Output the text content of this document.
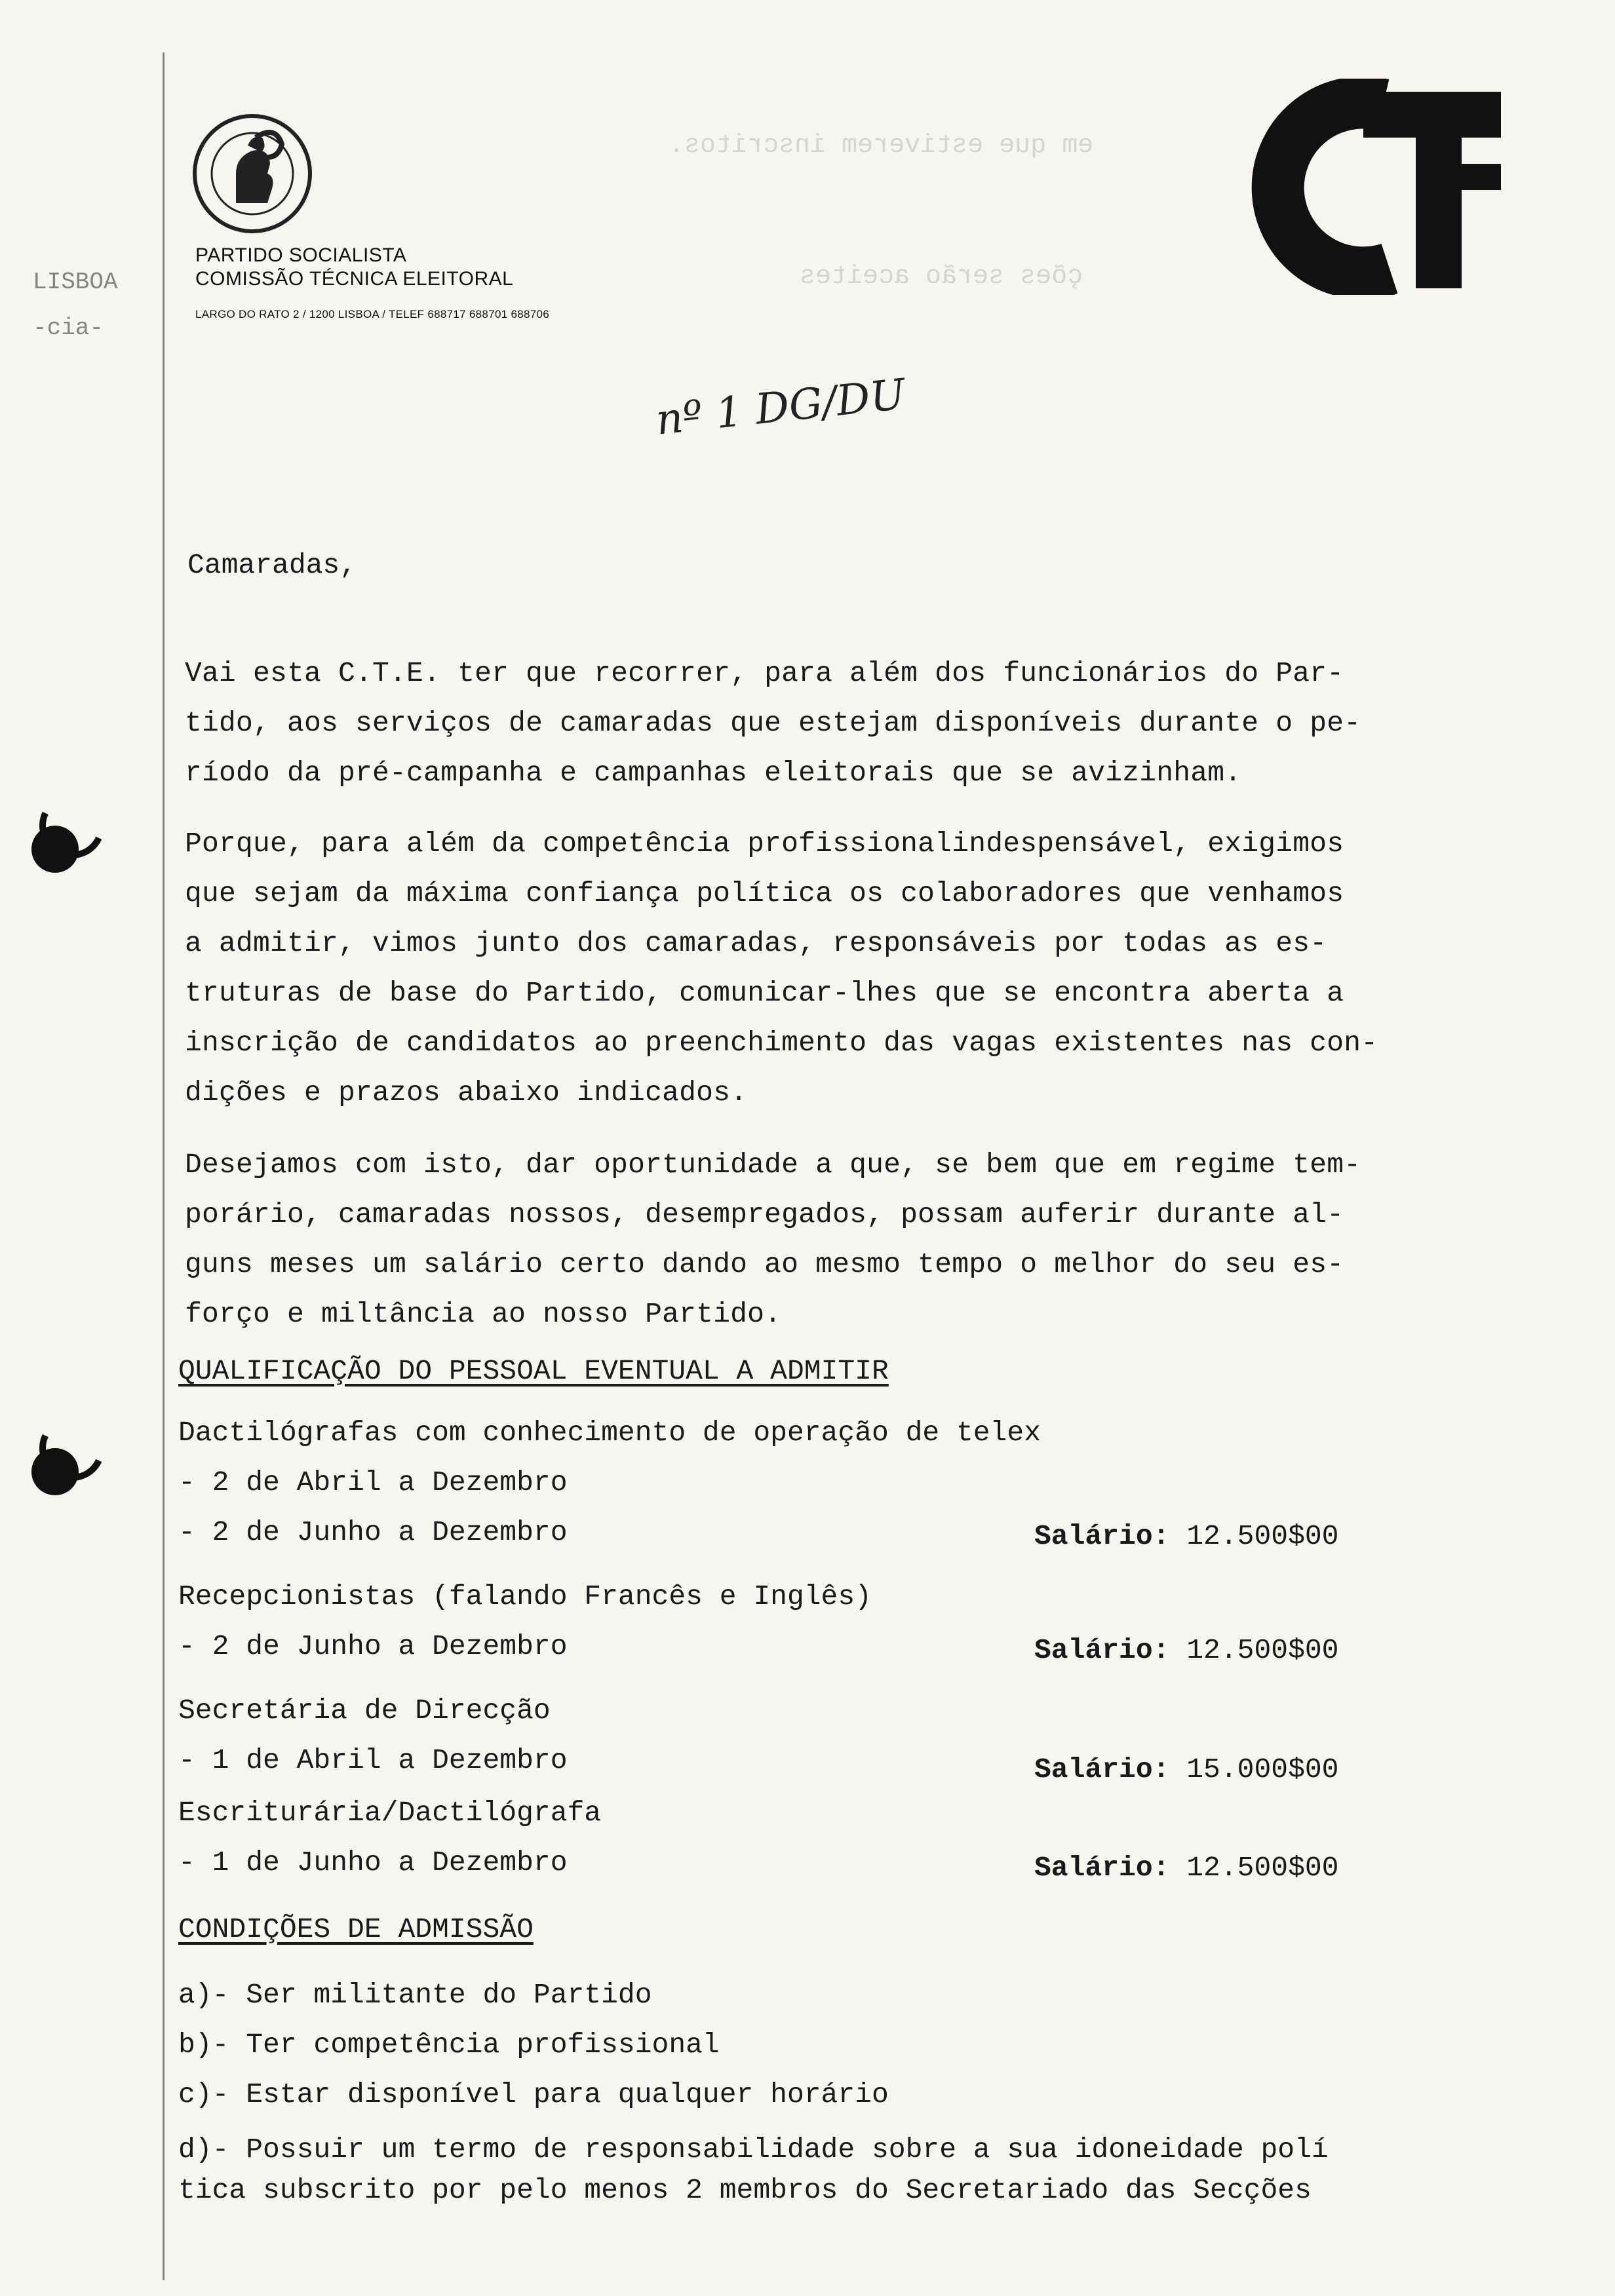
LISBOA
-cia-
PARTIDO SOCIALISTA
COMISSÃO TÉCNICA ELEITORAL
LARGO DO RATO 2 / 1200 LISBOA / TELEF 688717 688701 688706
nº 1 DG/DU
em que estiverem inscritos.
ções serão aceites
Camaradas,
Vai esta C.T.E. ter que recorrer, para além dos funcionários do Par-
tido, aos serviços de camaradas que estejam disponíveis durante o pe-
ríodo da pré-campanha e campanhas eleitorais que se avizinham.
Porque, para além da competência profissionalindespensável, exigimos
que sejam da máxima confiança política os colaboradores que venhamos
a admitir, vimos junto dos camaradas, responsáveis por todas as es-
truturas de base do Partido, comunicar-lhes que se encontra aberta a
inscrição de candidatos ao preenchimento das vagas existentes nas con-
dições e prazos abaixo indicados.
Desejamos com isto, dar oportunidade a que, se bem que em regime tem-
porário, camaradas nossos, desempregados, possam auferir durante al-
guns meses um salário certo dando ao mesmo tempo o melhor do seu es-
forço e miltância ao nosso Partido.
QUALIFICAÇÃO DO PESSOAL EVENTUAL A ADMITIR
Dactilógrafas com conhecimento de operação de telex
- 2 de Abril a Dezembro
- 2 de Junho a Dezembro	Salário: 12.500$00
Recepcionistas (falando Francês e Inglês)
- 2 de Junho a Dezembro	Salário: 12.500$00
Secretária de Direcção
- 1 de Abril a Dezembro	Salário: 15.000$00
Escriturária/Dactilógrafa
- 1 de Junho a Dezembro	Salário: 12.500$00
CONDIÇÕES DE ADMISSÃO
a)- Ser militante do Partido
b)- Ter competência profissional
c)- Estar disponível para qualquer horário
d)- Possuir um termo de responsabilidade sobre a sua idoneidade polí
tica subscrito por pelo menos 2 membros do Secretariado das Secções
